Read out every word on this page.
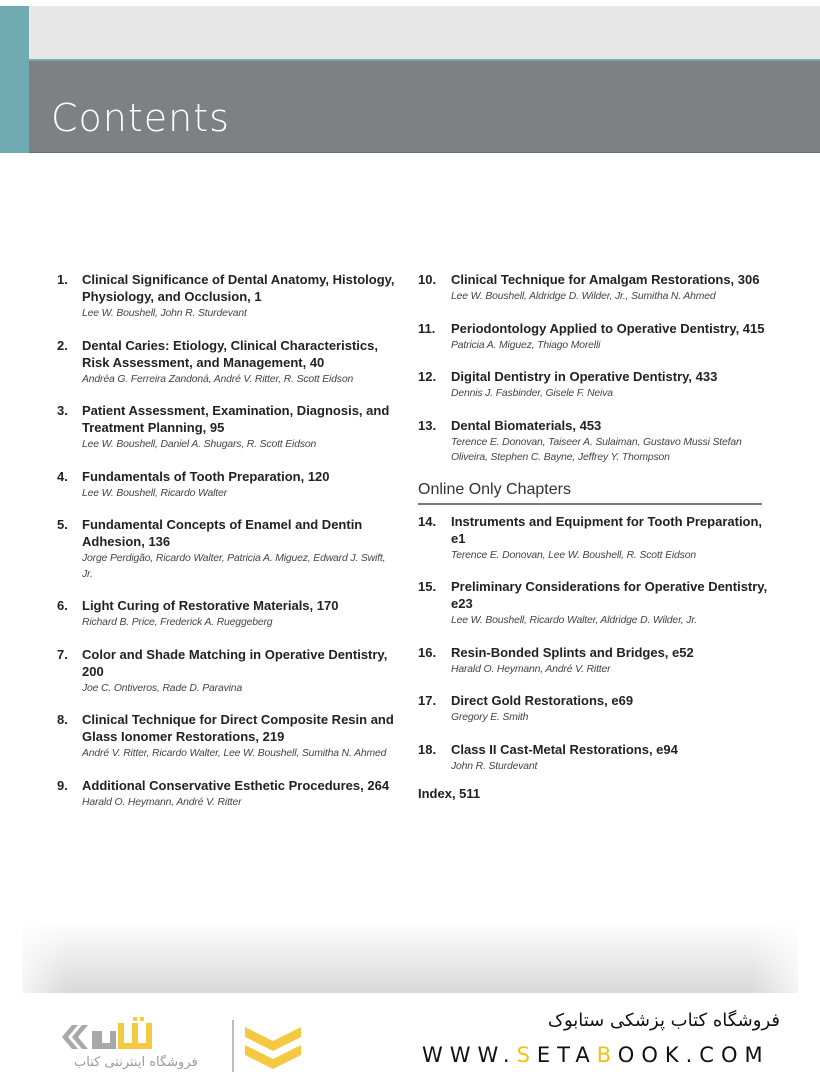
Contents
1.	Clinical Significance of Dental Anatomy, Histology, Physiology, and Occlusion, 1
Lee W. Boushell, John R. Sturdevant
2.	Dental Caries: Etiology, Clinical Characteristics, Risk Assessment, and Management, 40
Andréa G. Ferreira Zandoná, André V. Ritter, R. Scott Eidson
3.	Patient Assessment, Examination, Diagnosis, and Treatment Planning, 95
Lee W. Boushell, Daniel A. Shugars, R. Scott Eidson
4.	Fundamentals of Tooth Preparation, 120
Lee W. Boushell, Ricardo Walter
5.	Fundamental Concepts of Enamel and Dentin Adhesion, 136
Jorge Perdigão, Ricardo Walter, Patricia A. Miguez, Edward J. Swift, Jr.
6.	Light Curing of Restorative Materials, 170
Richard B. Price, Frederick A. Rueggeberg
7.	Color and Shade Matching in Operative Dentistry, 200
Joe C. Ontiveros, Rade D. Paravina
8.	Clinical Technique for Direct Composite Resin and Glass Ionomer Restorations, 219
André V. Ritter, Ricardo Walter, Lee W. Boushell, Sumitha N. Ahmed
9.	Additional Conservative Esthetic Procedures, 264
Harald O. Heymann, André V. Ritter
10.	Clinical Technique for Amalgam Restorations, 306
Lee W. Boushell, Aldridge D. Wilder, Jr., Sumitha N. Ahmed
11.	Periodontology Applied to Operative Dentistry, 415
Patricia A. Miguez, Thiago Morelli
12.	Digital Dentistry in Operative Dentistry, 433
Dennis J. Fasbinder, Gisele F. Neiva
13.	Dental Biomaterials, 453
Terence E. Donovan, Taiseer A. Sulaiman, Gustavo Mussi Stefan Oliveira, Stephen C. Bayne, Jeffrey Y. Thompson
Online Only Chapters
14.	Instruments and Equipment for Tooth Preparation, e1
Terence E. Donovan, Lee W. Boushell, R. Scott Eidson
15.	Preliminary Considerations for Operative Dentistry, e23
Lee W. Boushell, Ricardo Walter, Aldridge D. Wilder, Jr.
16.	Resin-Bonded Splints and Bridges, e52
Harald O. Heymann, André V. Ritter
17.	Direct Gold Restorations, e69
Gregory E. Smith
18.	Class II Cast-Metal Restorations, e94
John R. Sturdevant
Index, 511
فروشگاه اینترنتی کتاب
فروشگاه کتاب پزشکی ستابوک
WWW.SETABOOK.COM
